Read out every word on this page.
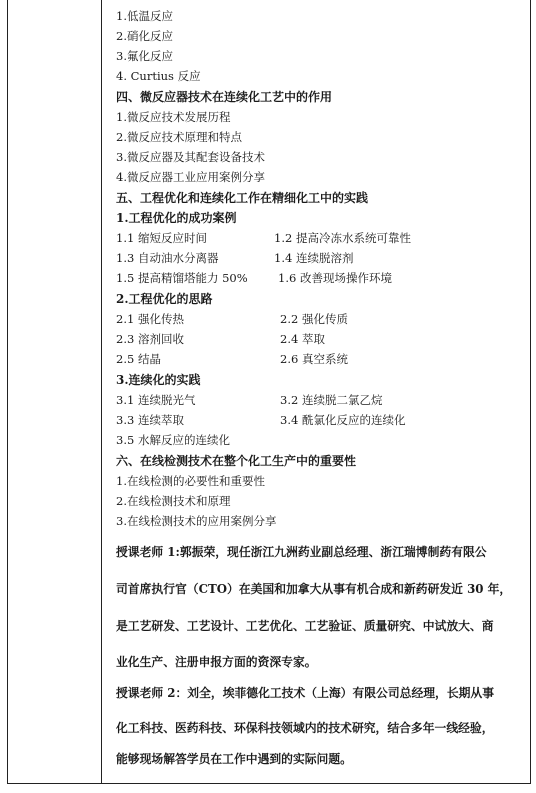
1.低温反应
2.硝化反应
3.氟化反应
4. Curtius 反应
四、微反应器技术在连续化工艺中的作用
1.微反应技术发展历程
2.微反应技术原理和特点
3.微反应器及其配套设备技术
4.微反应器工业应用案例分享
五、工程优化和连续化工作在精细化工中的实践
1.工程优化的成功案例
1.1 缩短反应时间	1.2 提高冷冻水系统可靠性
1.3 自动油水分离器	1.4 连续脱溶剂
1.5 提高精馏塔能力 50%	1.6 改善现场操作环境
2.工程优化的思路
2.1 强化传热	2.2 强化传质
2.3 溶剂回收	2.4 萃取
2.5 结晶	2.6 真空系统
3.连续化的实践
3.1 连续脱光气	3.2 连续脱二氯乙烷
3.3 连续萃取	3.4 酰氯化反应的连续化
3.5 水解反应的连续化
六、在线检测技术在整个化工生产中的重要性
1.在线检测的必要性和重要性
2.在线检测技术和原理
3.在线检测技术的应用案例分享
授课老师 1:郭振荣，现任浙江九洲药业副总经理、浙江瑞博制药有限公
司首席执行官（CTO）在美国和加拿大从事有机合成和新药研发近 30 年，
是工艺研发、工艺设计、工艺优化、工艺验证、质量研究、中试放大、商
业化生产、注册申报方面的资深专家。
授课老师 2：刘全，埃菲德化工技术（上海）有限公司总经理，长期从事
化工科技、医药科技、环保科技领域内的技术研究，结合多年一线经验，
能够现场解答学员在工作中遇到的实际问题。
